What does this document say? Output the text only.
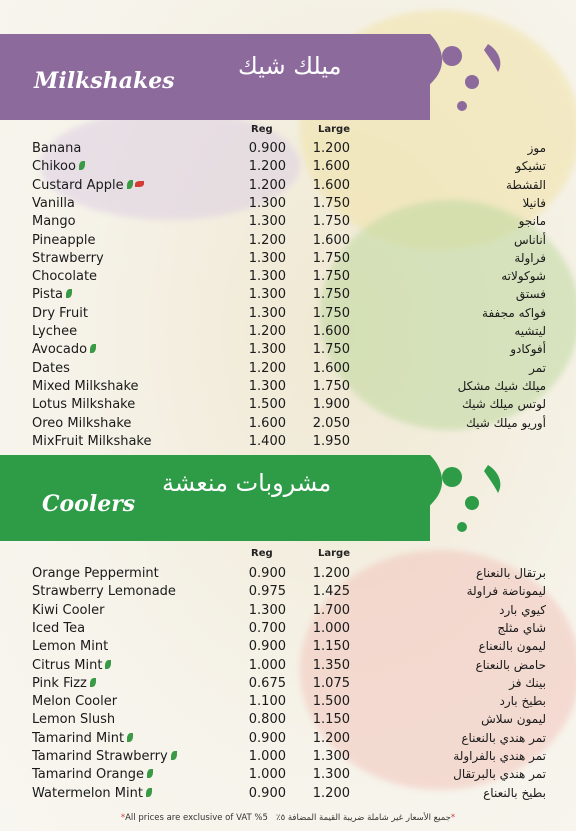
Milkshakes
ميلك شيك
Reg	Large
Banana	0.900	1.200	موز
Chikoo	1.200	1.600	تشيكو
Custard Apple	1.200	1.600	القشطة
Vanilla	1.300	1.750	فانيلا
Mango	1.300	1.750	مانجو
Pineapple	1.200	1.600	أناناس
Strawberry	1.300	1.750	فراولة
Chocolate	1.300	1.750	شوكولاته
Pista	1.300	1.750	فستق
Dry Fruit	1.300	1.750	فواكه مجففة
Lychee	1.200	1.600	ليتشيه
Avocado	1.300	1.750	أفوكادو
Dates	1.200	1.600	تمر
Mixed Milkshake	1.300	1.750	ميلك شيك مشكل
Lotus Milkshake	1.500	1.900	لوتس ميلك شيك
Oreo Milkshake	1.600	2.050	أوريو ميلك شيك
MixFruit Milkshake	1.400	1.950
Coolers
مشروبات منعشة
Reg	Large
Orange Peppermint	0.900	1.200	برتقال بالنعناع
Strawberry Lemonade	0.975	1.425	ليموناضة فراولة
Kiwi Cooler	1.300	1.700	كيوي بارد
Iced Tea	0.700	1.000	شاي مثلج
Lemon Mint	0.900	1.150	ليمون بالنعناع
Citrus Mint	1.000	1.350	حامض بالنعناع
Pink Fizz	0.675	1.075	بينك فز
Melon Cooler	1.100	1.500	بطيخ بارد
Lemon Slush	0.800	1.150	ليمون سلاش
Tamarind Mint	0.900	1.200	تمر هندي بالنعناع
Tamarind Strawberry	1.000	1.300	تمر هندي بالفراولة
Tamarind Orange	1.000	1.300	تمر هندي بالبرتقال
Watermelon Mint	0.900	1.200	بطيخ بالنعناع
*All prices are exclusive of VAT %5 جميع الأسعار غير شاملة ضريبة القيمة المضافة ٥٪*
